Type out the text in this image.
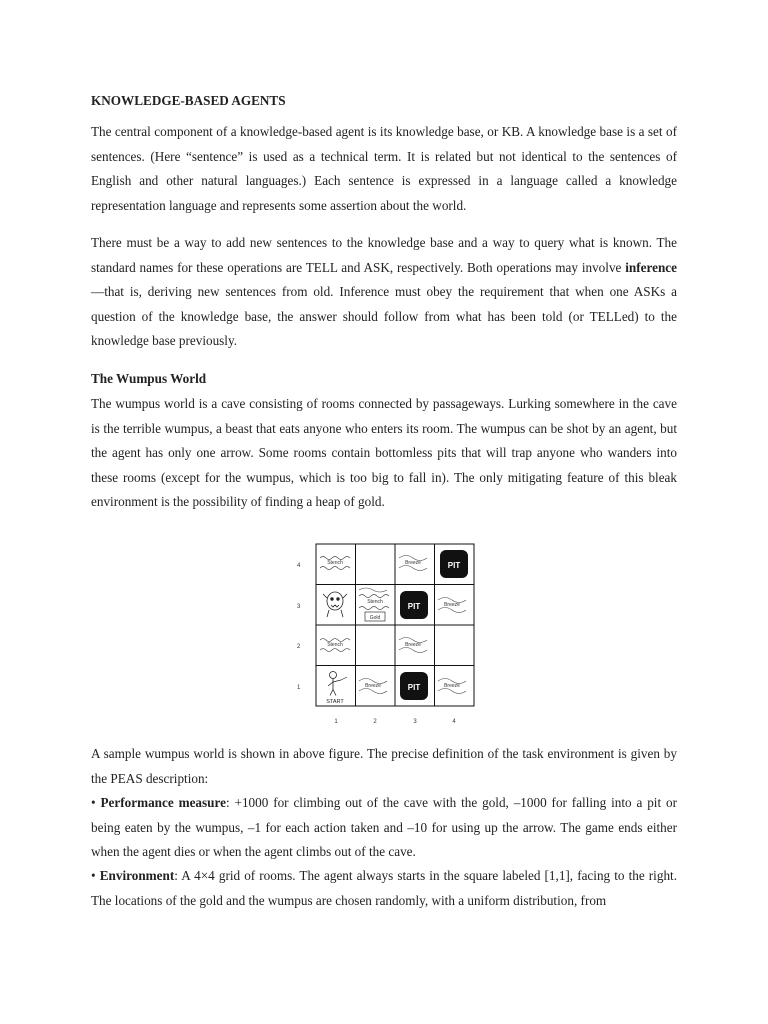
KNOWLEDGE-BASED AGENTS

The central component of a knowledge-based agent is its knowledge base, or KB. A knowledge base is a set of sentences. (Here “sentence” is used as a technical term. It is related but not identical to the sentences of English and other natural languages.) Each sentence is expressed in a language called a knowledge representation language and represents some assertion about the world.

There must be a way to add new sentences to the knowledge base and a way to query what is known. The standard names for these operations are TELL and ASK, respectively. Both operations may involve inference—that is, deriving new sentences from old. Inference must obey the requirement that when one ASKs a question of the knowledge base, the answer should follow from what has been told (or TELLed) to the knowledge base previously.

The Wumpus World

The wumpus world is a cave consisting of rooms connected by passageways. Lurking somewhere in the cave is the terrible wumpus, a beast that eats anyone who enters its room. The wumpus can be shot by an agent, but the agent has only one arrow. Some rooms contain bottomless pits that will trap anyone who wanders into these rooms (except for the wumpus, which is too big to fall in). The only mitigating feature of this bleak environment is the possibility of finding a heap of gold.

PIT
PIT
PIT
Stench
Stench
Stench
Breeze
Breeze
Breeze
Breeze	Breeze
Gold
START
4
3
2
1
1	2	3	4

A sample wumpus world is shown in above figure. The precise definition of the task environment is given by the PEAS description:

• Performance measure: +1000 for climbing out of the cave with the gold, –1000 for falling into a pit or being eaten by the wumpus, –1 for each action taken and –10 for using up the arrow. The game ends either when the agent dies or when the agent climbs out of the cave.

• Environment: A 4×4 grid of rooms. The agent always starts in the square labeled [1,1], facing to the right. The locations of the gold and the wumpus are chosen randomly, with a uniform distribution, from
